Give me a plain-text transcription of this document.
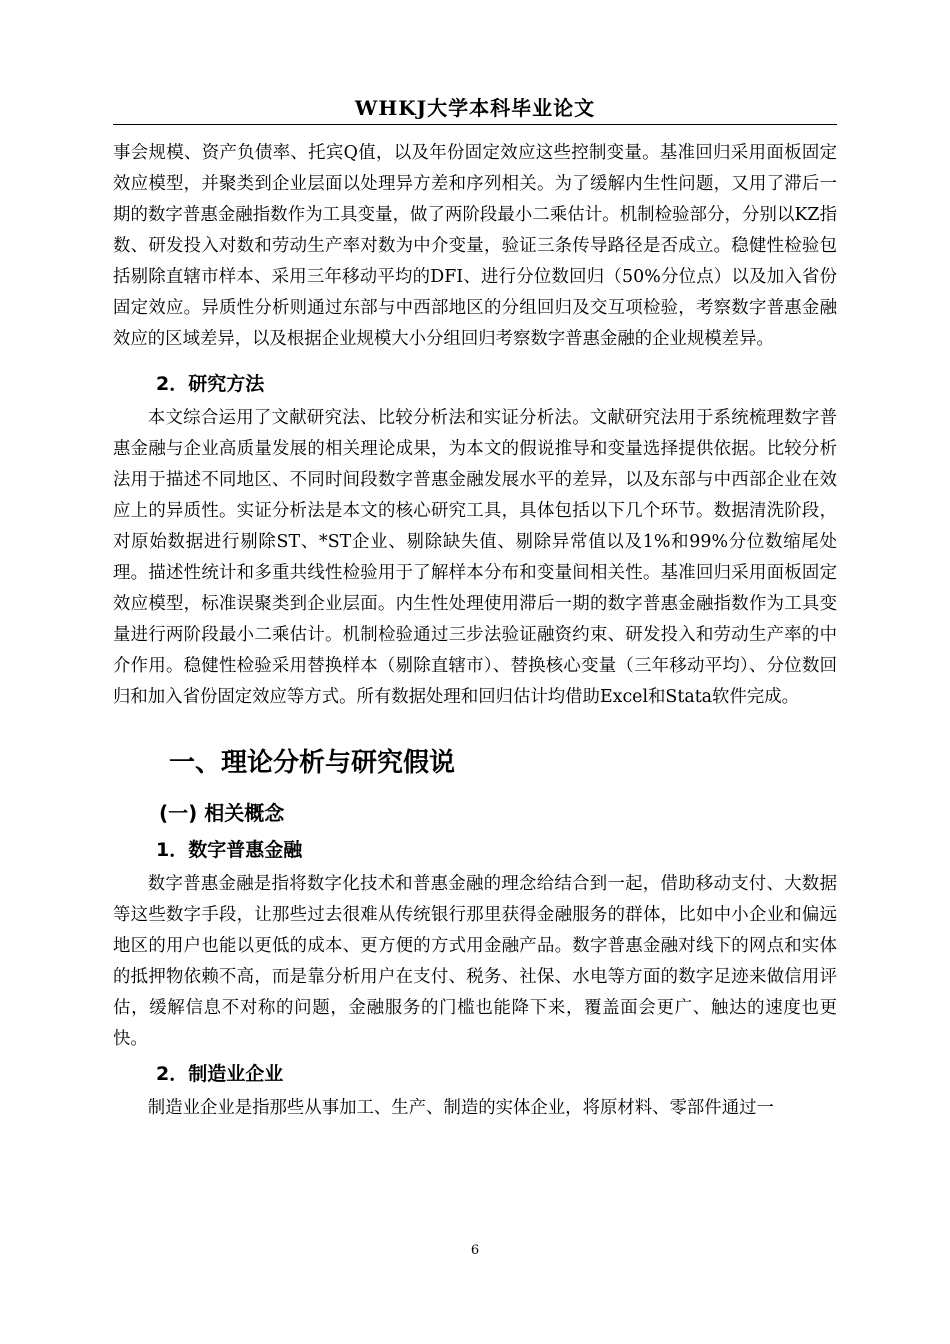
WHKJ大学本科毕业论文

事会规模、资产负债率、托宾Q值，以及年份固定效应这些控制变量。基准回归采用面板固定效应模型，并聚类到企业层面以处理异方差和序列相关。为了缓解内生性问题，又用了滞后一期的数字普惠金融指数作为工具变量，做了两阶段最小二乘估计。机制检验部分，分别以KZ指数、研发投入对数和劳动生产率对数为中介变量，验证三条传导路径是否成立。稳健性检验包括剔除直辖市样本、采用三年移动平均的DFI、进行分位数回归（50%分位点）以及加入省份固定效应。异质性分析则通过东部与中西部地区的分组回归及交互项检验，考察数字普惠金融效应的区域差异，以及根据企业规模大小分组回归考察数字普惠金融的企业规模差异。

2．研究方法

本文综合运用了文献研究法、比较分析法和实证分析法。文献研究法用于系统梳理数字普惠金融与企业高质量发展的相关理论成果，为本文的假说推导和变量选择提供依据。比较分析法用于描述不同地区、不同时间段数字普惠金融发展水平的差异，以及东部与中西部企业在效应上的异质性。实证分析法是本文的核心研究工具，具体包括以下几个环节。数据清洗阶段，对原始数据进行剔除ST、*ST企业、剔除缺失值、剔除异常值以及1%和99%分位数缩尾处理。描述性统计和多重共线性检验用于了解样本分布和变量间相关性。基准回归采用面板固定效应模型，标准误聚类到企业层面。内生性处理使用滞后一期的数字普惠金融指数作为工具变量进行两阶段最小二乘估计。机制检验通过三步法验证融资约束、研发投入和劳动生产率的中介作用。稳健性检验采用替换样本（剔除直辖市）、替换核心变量（三年移动平均）、分位数回归和加入省份固定效应等方式。所有数据处理和回归估计均借助Excel和Stata软件完成。

一、理论分析与研究假说
(一) 相关概念
1．数字普惠金融

数字普惠金融是指将数字化技术和普惠金融的理念给结合到一起，借助移动支付、大数据等这些数字手段，让那些过去很难从传统银行那里获得金融服务的群体，比如中小企业和偏远地区的用户也能以更低的成本、更方便的方式用金融产品。数字普惠金融对线下的网点和实体的抵押物依赖不高，而是靠分析用户在支付、税务、社保、水电等方面的数字足迹来做信用评估，缓解信息不对称的问题，金融服务的门槛也能降下来，覆盖面会更广、触达的速度也更快。

2．制造业企业

制造业企业是指那些从事加工、生产、制造的实体企业，将原材料、零部件通过一

6
